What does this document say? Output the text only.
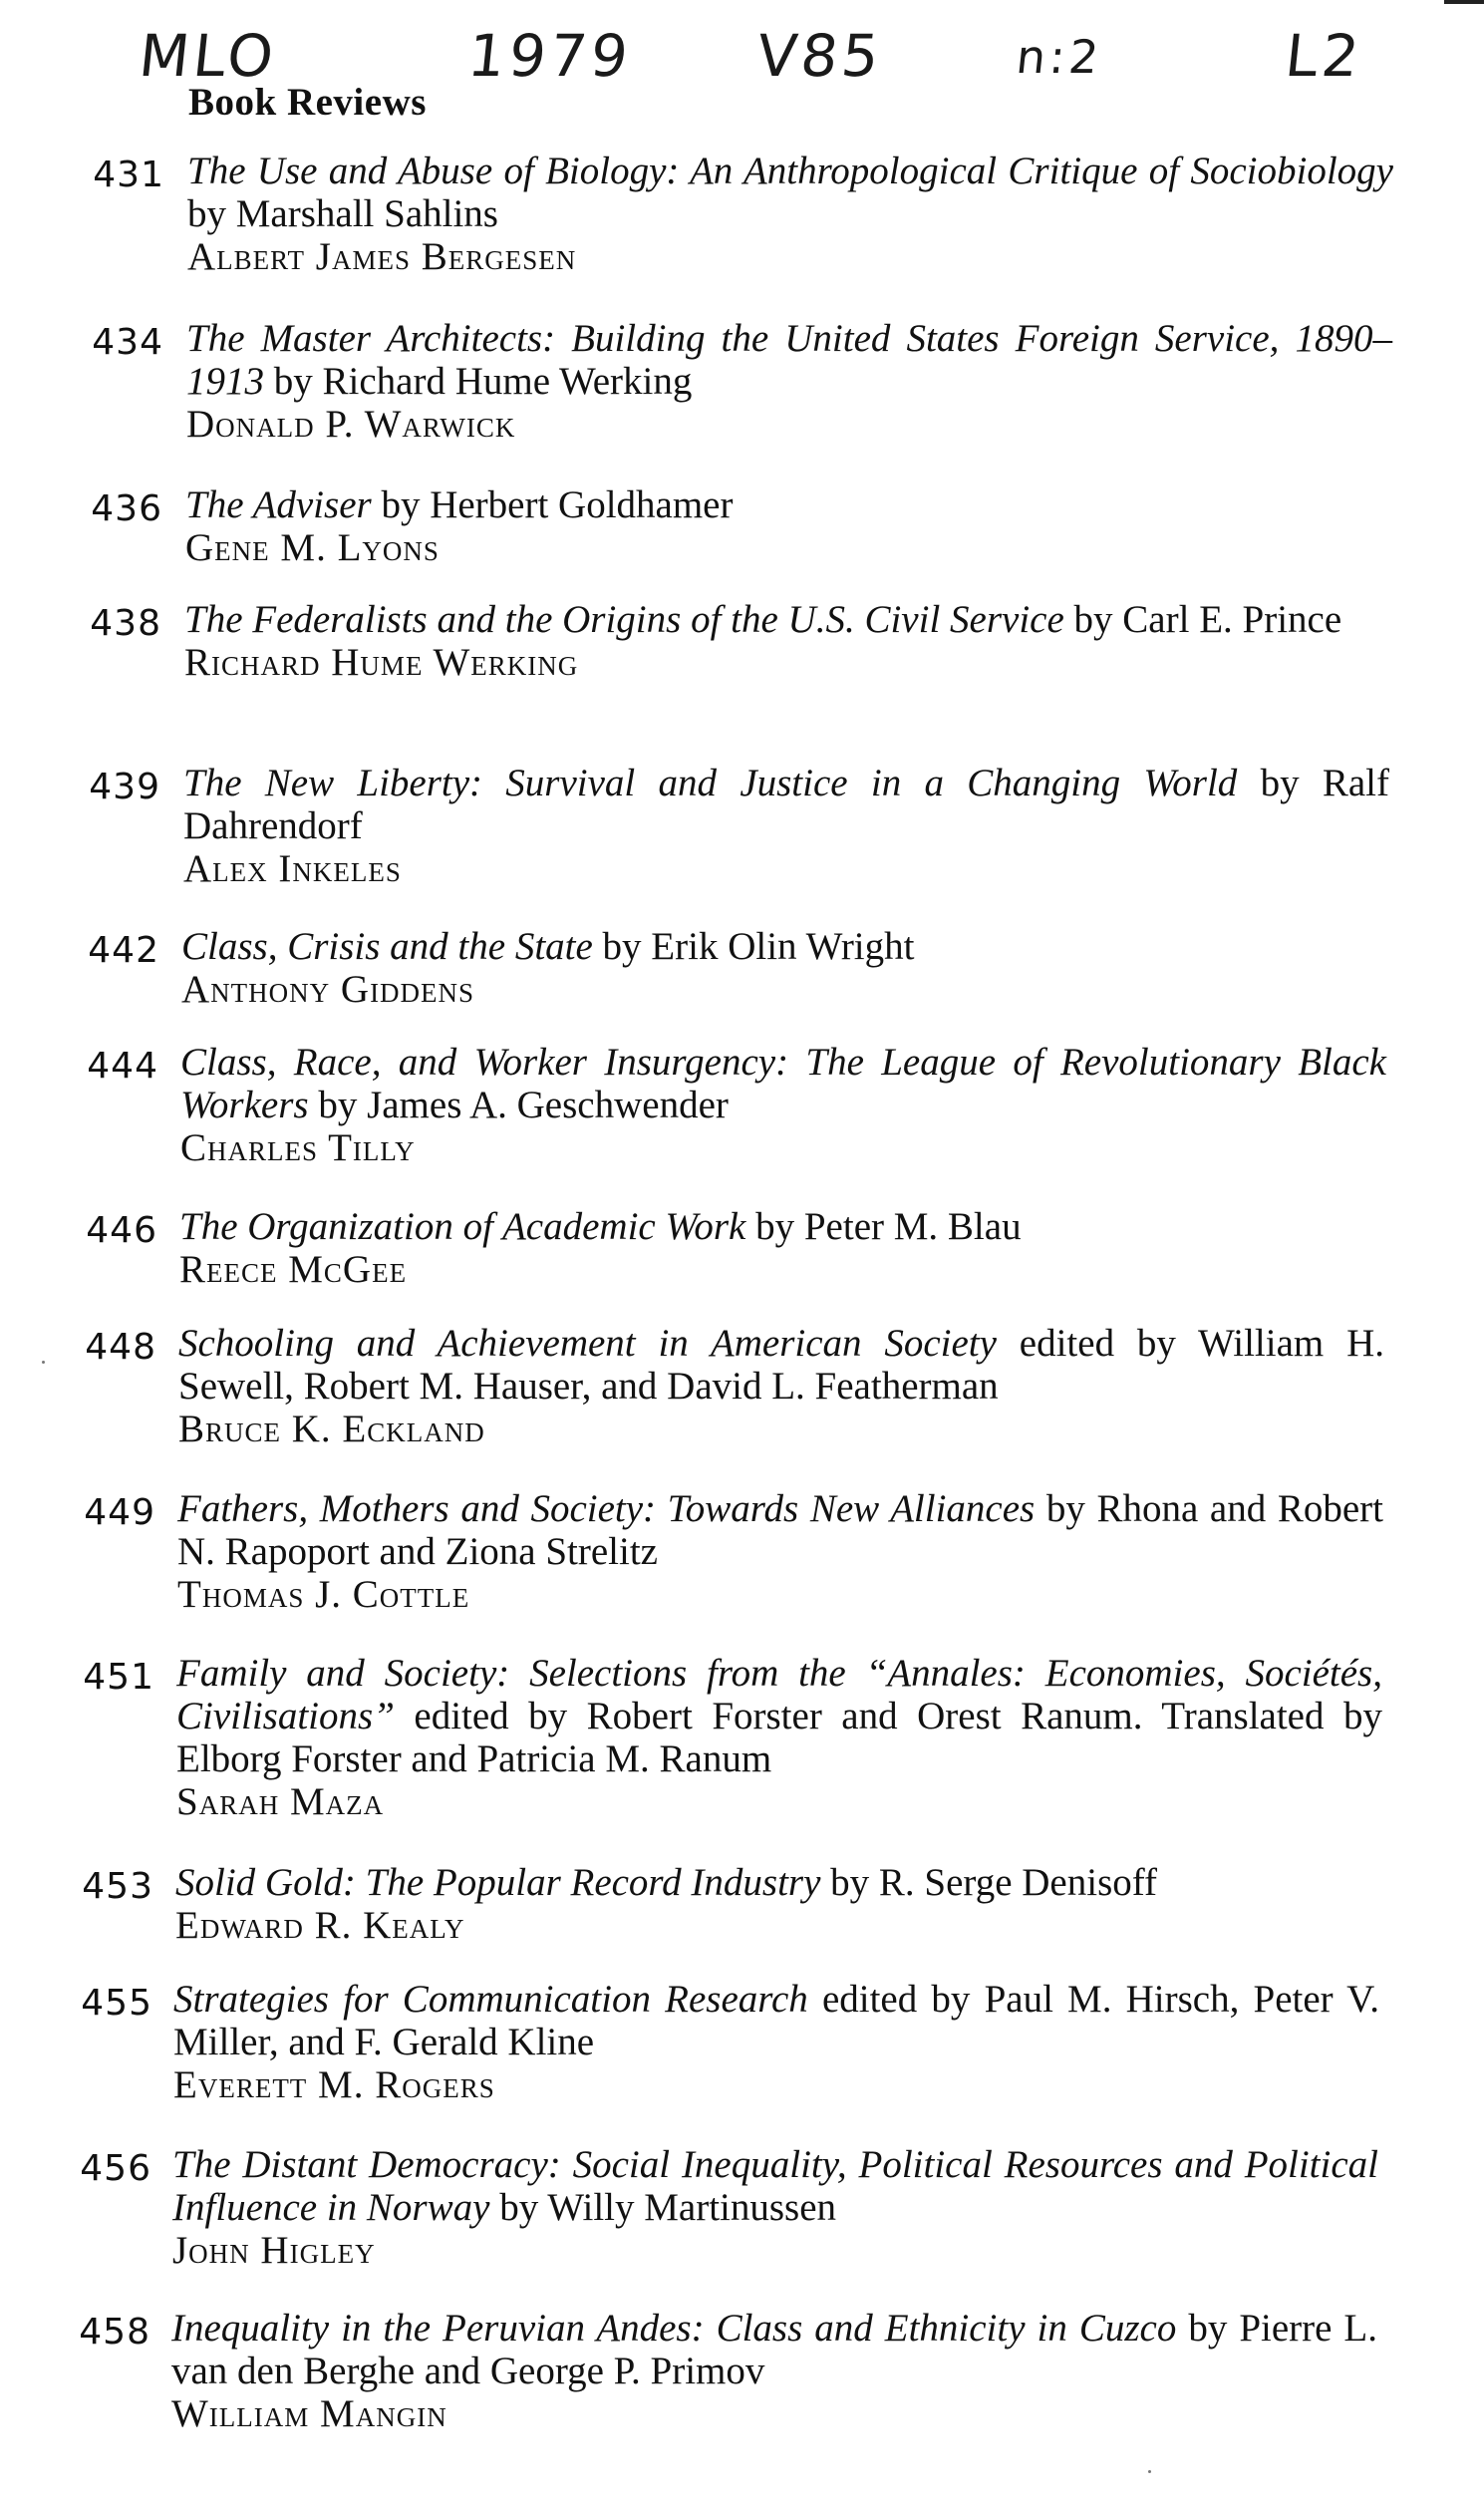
MLO	1979 V85	n:2	L2
Book Reviews
431 The Use and Abuse of Biology: An Anthropological Critique of Sociobiology by Marshall Sahlins
Albert James Bergesen
434 The Master Architects: Building the United States Foreign Service, 1890–1913 by Richard Hume Werking
Donald P. Warwick
436 The Adviser by Herbert Goldhamer
Gene M. Lyons
438 The Federalists and the Origins of the U.S. Civil Service by Carl E. Prince
Richard Hume Werking
439 The New Liberty: Survival and Justice in a Changing World by Ralf Dahrendorf
Alex Inkeles
442 Class, Crisis and the State by Erik Olin Wright
Anthony Giddens
444 Class, Race, and Worker Insurgency: The League of Revolutionary Black Workers by James A. Geschwender
Charles Tilly
446 The Organization of Academic Work by Peter M. Blau
Reece McGee
448 Schooling and Achievement in American Society edited by William H. Sewell, Robert M. Hauser, and David L. Featherman
Bruce K. Eckland
449 Fathers, Mothers and Society: Towards New Alliances by Rhona and Robert N. Rapoport and Ziona Strelitz
Thomas J. Cottle
451 Family and Society: Selections from the “Annales: Economies, Sociétés, Civilisations” edited by Robert Forster and Orest Ranum. Translated by Elborg Forster and Patricia M. Ranum
Sarah Maza
453 Solid Gold: The Popular Record Industry by R. Serge Denisoff
Edward R. Kealy
455 Strategies for Communication Research edited by Paul M. Hirsch, Peter V. Miller, and F. Gerald Kline
Everett M. Rogers
456 The Distant Democracy: Social Inequality, Political Resources and Political Influence in Norway by Willy Martinussen
John Higley
458 Inequality in the Peruvian Andes: Class and Ethnicity in Cuzco by Pierre L. van den Berghe and George P. Primov
William Mangin
